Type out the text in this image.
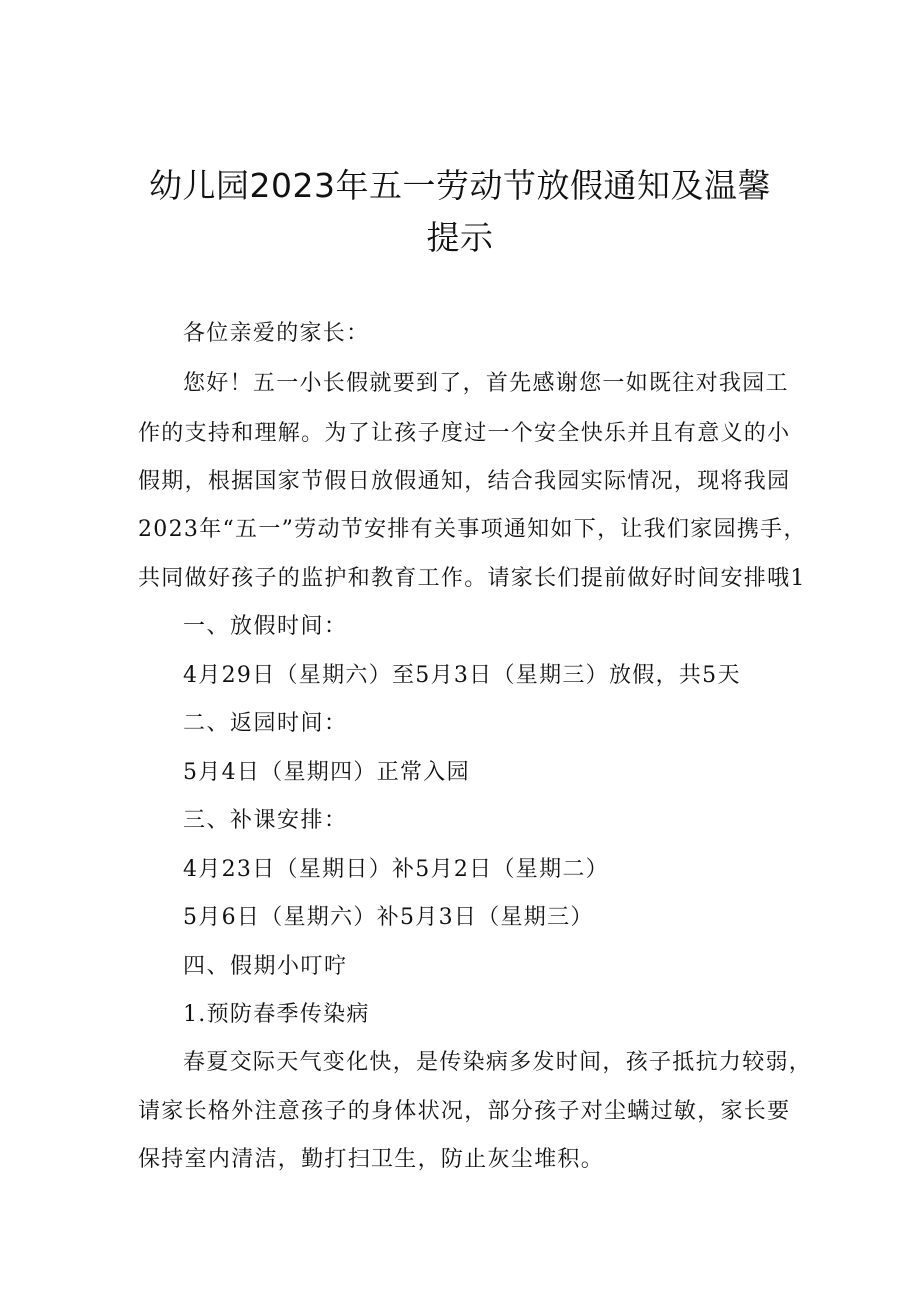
幼儿园2023年五一劳动节放假通知及温馨
提示
各位亲爱的家长：
您好！五一小长假就要到了，首先感谢您一如既往对我园工
作的支持和理解。为了让孩子度过一个安全快乐并且有意义的小
假期，根据国家节假日放假通知，结合我园实际情况，现将我园
2023年“五一”劳动节安排有关事项通知如下，让我们家园携手，
共同做好孩子的监护和教育工作。请家长们提前做好时间安排哦1
一、放假时间：
4月29日（星期六）至5月3日（星期三）放假，共5天
二、返园时间：
5月4日（星期四）正常入园
三、补课安排：
4月23日（星期日）补5月2日（星期二）
5月6日（星期六）补5月3日（星期三）
四、假期小叮咛
1.预防春季传染病
春夏交际天气变化快，是传染病多发时间，孩子抵抗力较弱，
请家长格外注意孩子的身体状况，部分孩子对尘螨过敏，家长要
保持室内清洁，勤打扫卫生，防止灰尘堆积。
